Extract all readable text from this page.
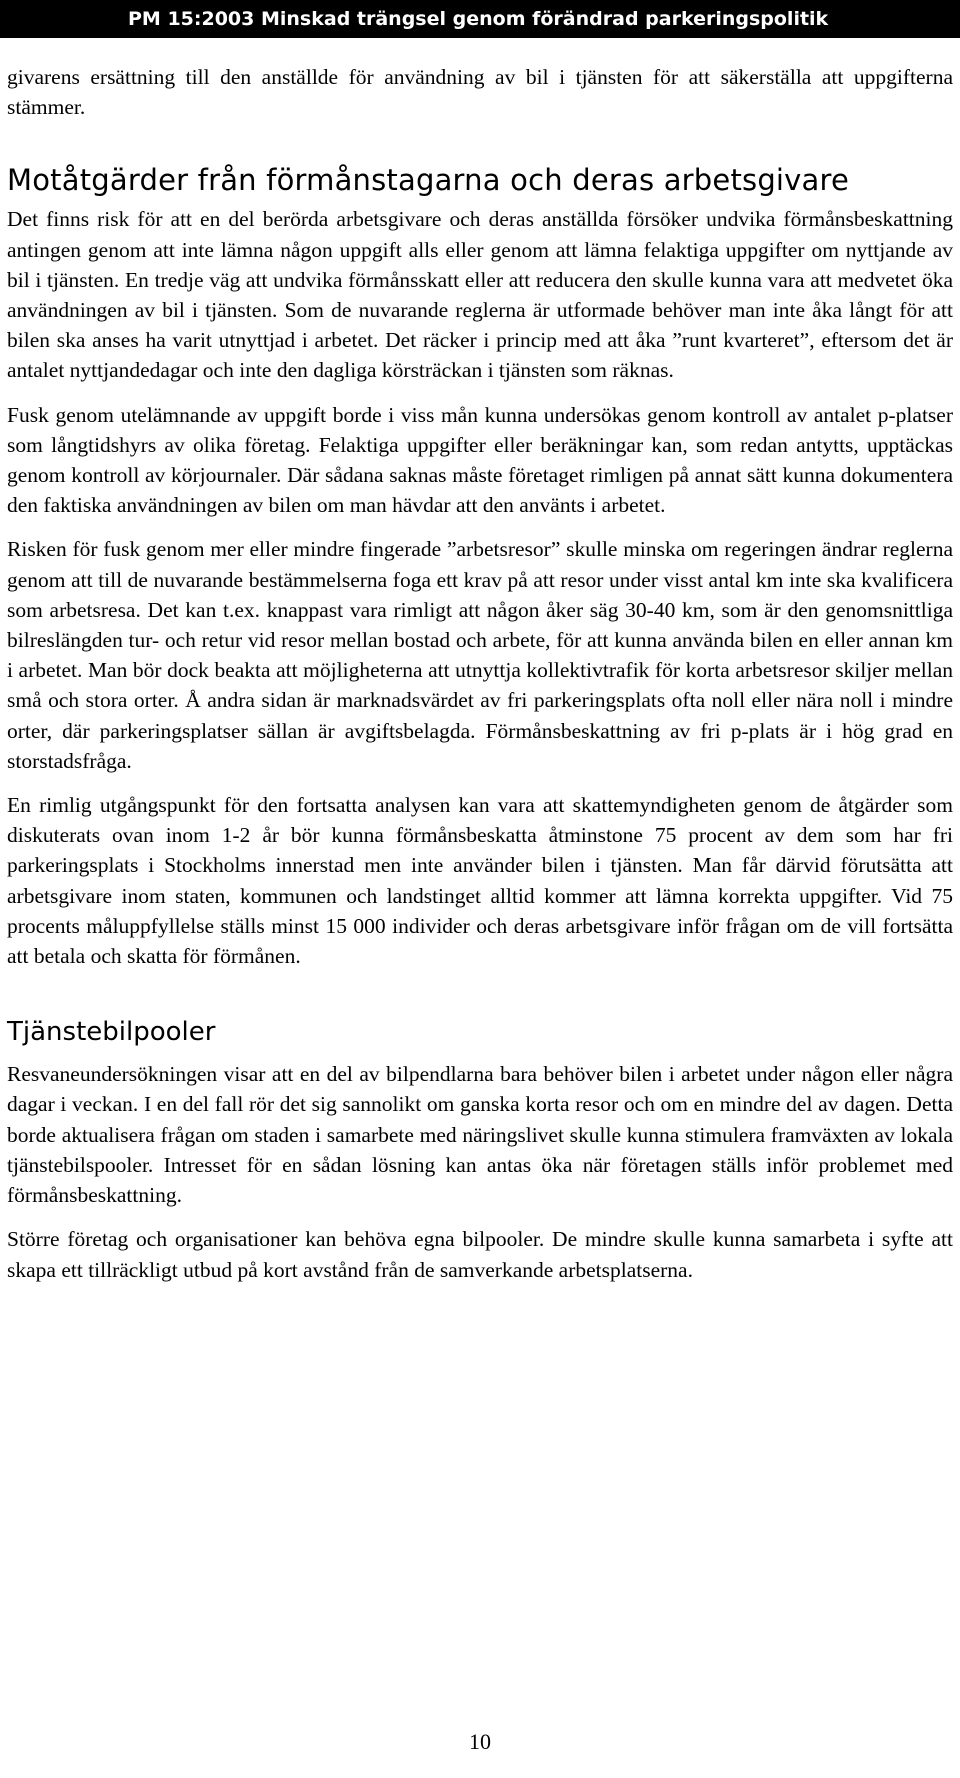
PM 15:2003 Minskad trängsel genom förändrad parkeringspolitik

givarens ersättning till den anställde för användning av bil i tjänsten för att säkerställa att uppgifterna stämmer.

Motåtgärder från förmånstagarna och deras arbetsgivare

Det finns risk för att en del berörda arbetsgivare och deras anställda försöker undvika förmånsbeskattning antingen genom att inte lämna någon uppgift alls eller genom att lämna felaktiga uppgifter om nyttjande av bil i tjänsten. En tredje väg att undvika förmånsskatt eller att reducera den skulle kunna vara att medvetet öka användningen av bil i tjänsten. Som de nuvarande reglerna är utformade behöver man inte åka långt för att bilen ska anses ha varit utnyttjad i arbetet. Det räcker i princip med att åka ”runt kvarteret”, eftersom det är antalet nyttjandedagar och inte den dagliga körsträckan i tjänsten som räknas.

Fusk genom utelämnande av uppgift borde i viss mån kunna undersökas genom kontroll av antalet p-platser som långtidshyrs av olika företag. Felaktiga uppgifter eller beräkningar kan, som redan antytts, upptäckas genom kontroll av körjournaler. Där sådana saknas måste företaget rimligen på annat sätt kunna dokumentera den faktiska användningen av bilen om man hävdar att den använts i arbetet.

Risken för fusk genom mer eller mindre fingerade ”arbetsresor” skulle minska om regeringen ändrar reglerna genom att till de nuvarande bestämmelserna foga ett krav på att resor under visst antal km inte ska kvalificera som arbetsresa. Det kan t.ex. knappast vara rimligt att någon åker säg 30-40 km, som är den genomsnittliga bilreslängden tur- och retur vid resor mellan bostad och arbete, för att kunna använda bilen en eller annan km i arbetet. Man bör dock beakta att möjligheterna att utnyttja kollektivtrafik för korta arbetsresor skiljer mellan små och stora orter. Å andra sidan är marknadsvärdet av fri parkeringsplats ofta noll eller nära noll i mindre orter, där parkeringsplatser sällan är avgiftsbelagda. Förmånsbeskattning av fri p-plats är i hög grad en storstadsfråga.

En rimlig utgångspunkt för den fortsatta analysen kan vara att skattemyndigheten genom de åtgärder som diskuterats ovan inom 1-2 år bör kunna förmånsbeskatta åtminstone 75 procent av dem som har fri parkeringsplats i Stockholms innerstad men inte använder bilen i tjänsten. Man får därvid förutsätta att arbetsgivare inom staten, kommunen och landstinget alltid kommer att lämna korrekta uppgifter. Vid 75 procents måluppfyllelse ställs minst 15 000 individer och deras arbetsgivare inför frågan om de vill fortsätta att betala och skatta för förmånen.

Tjänstebilpooler

Resvaneundersökningen visar att en del av bilpendlarna bara behöver bilen i arbetet under någon eller några dagar i veckan. I en del fall rör det sig sannolikt om ganska korta resor och om en mindre del av dagen. Detta borde aktualisera frågan om staden i samarbete med näringslivet skulle kunna stimulera framväxten av lokala tjänstebilspooler. Intresset för en sådan lösning kan antas öka när företagen ställs inför problemet med förmånsbeskattning.

Större företag och organisationer kan behöva egna bilpooler. De mindre skulle kunna samarbeta i syfte att skapa ett tillräckligt utbud på kort avstånd från de samverkande arbetsplatserna.

10
